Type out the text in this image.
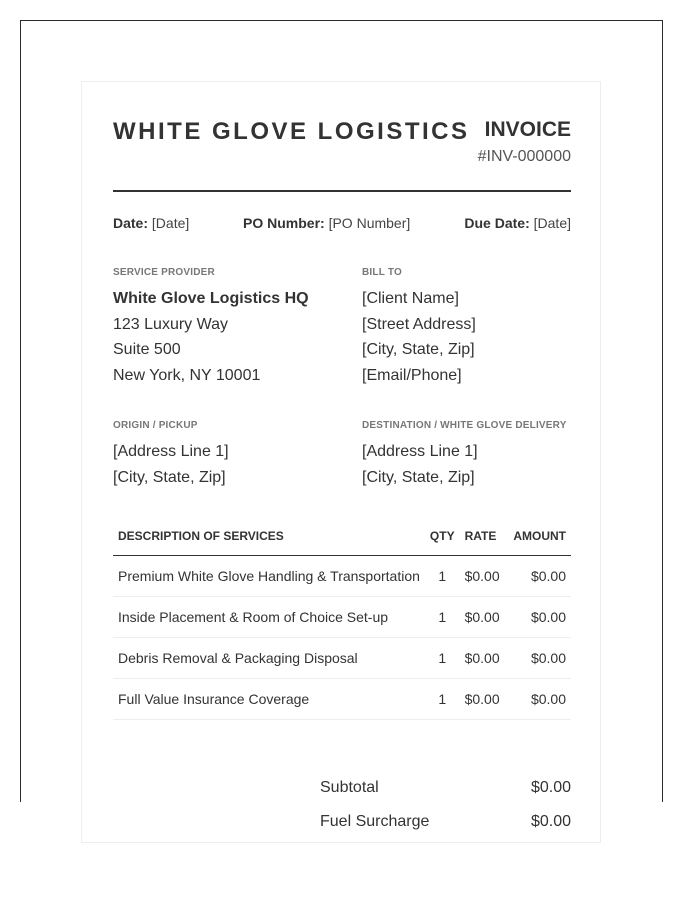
WHITE GLOVE LOGISTICS INVOICE
#INV-000000
Date: [Date]	PO Number: [PO Number]	Due Date: [Date]
SERVICE PROVIDER
White Glove Logistics HQ
123 Luxury Way
Suite 500
New York, NY 10001
BILL TO
[Client Name]
[Street Address]
[City, State, Zip]
[Email/Phone]
ORIGIN / PICKUP
[Address Line 1]
[City, State, Zip]
DESTINATION / WHITE GLOVE DELIVERY
[Address Line 1]
[City, State, Zip]
DESCRIPTION OF SERVICES	QTY	RATE	AMOUNT
Premium White Glove Handling & Transportation	1	$0.00	$0.00
Inside Placement & Room of Choice Set-up	1	$0.00	$0.00
Debris Removal & Packaging Disposal	1	$0.00	$0.00
Full Value Insurance Coverage	1	$0.00	$0.00
Subtotal	$0.00
Fuel Surcharge	$0.00
